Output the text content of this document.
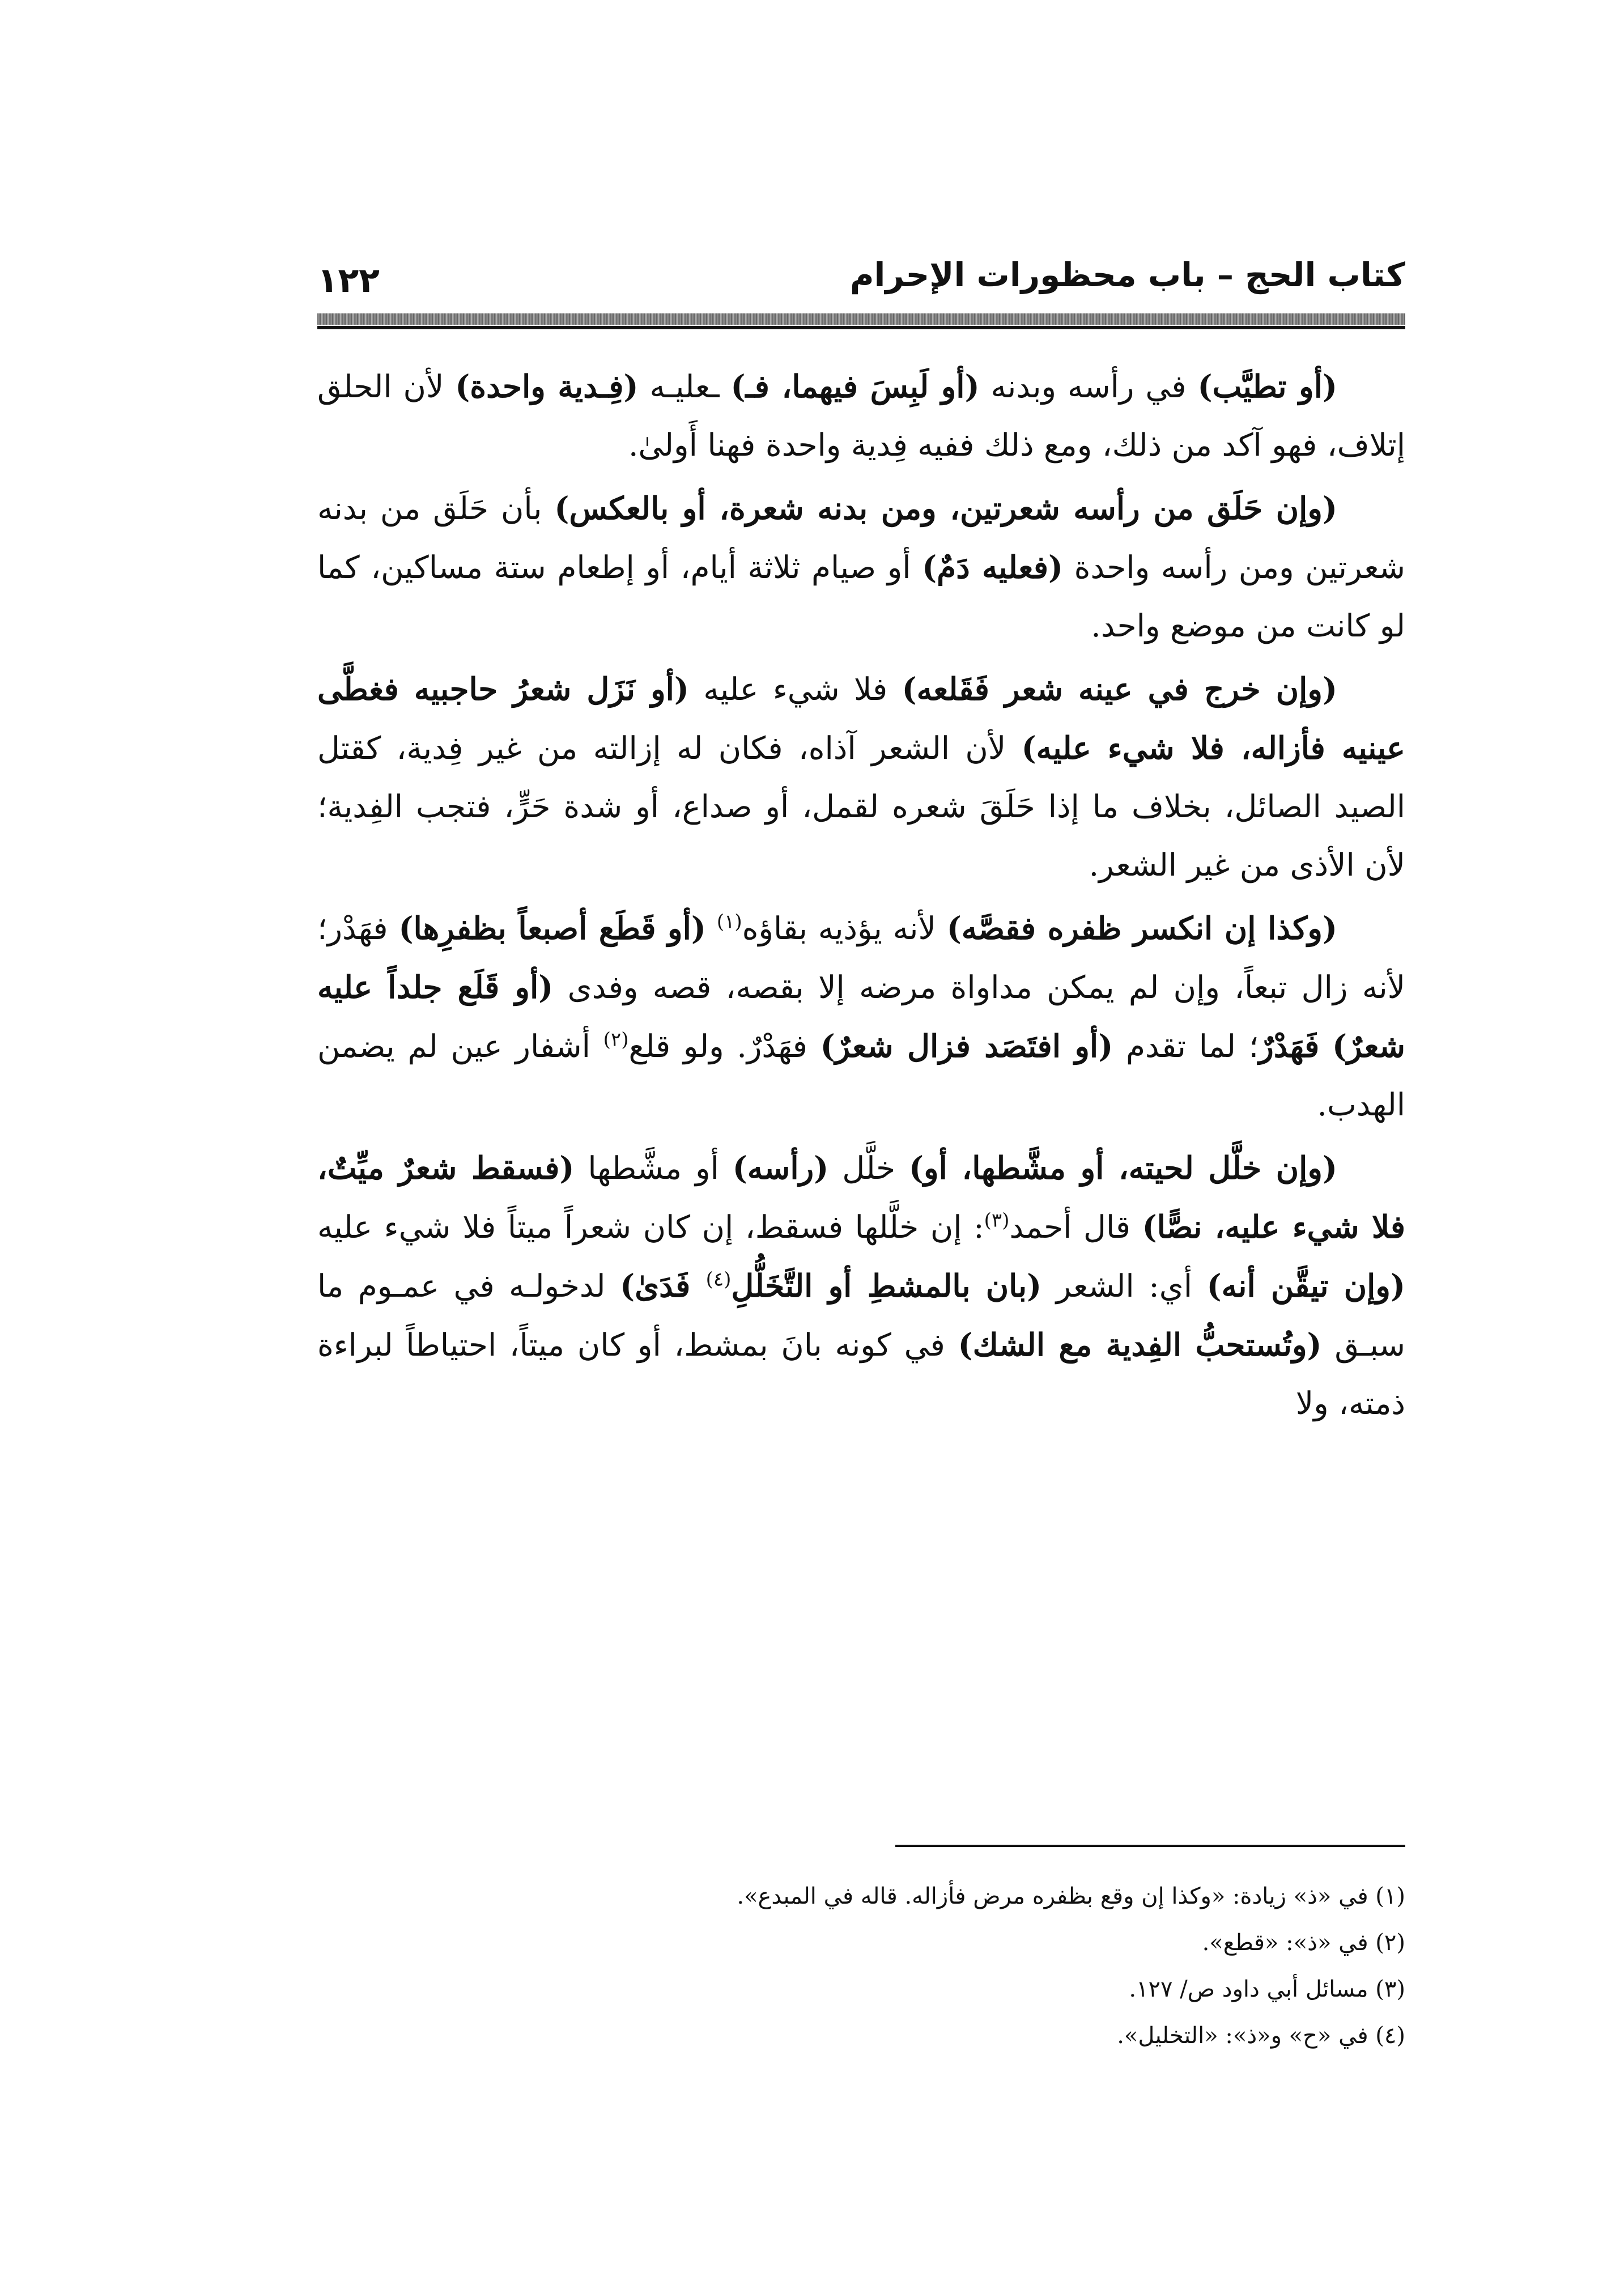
كتاب الحج – باب محظورات الإحرام
١٢٢

(أو تطيَّب) في رأسه وبدنه (أو لَبِسَ فيهما، فـ) ـعليـه (فِـدية واحدة) لأن الحلق إتلاف، فهو آكد من ذلك، ومع ذلك ففيه فِدية واحدة فهنا أَولىٰ.

(وإن حَلَق من رأسه شعرتين، ومن بدنه شعرة، أو بالعكس) بأن حَلَق من بدنه شعرتين ومن رأسه واحدة (فعليه دَمٌ) أو صيام ثلاثة أيام، أو إطعام ستة مساكين، كما لو كانت من موضع واحد.

(وإن خرج في عينه شعر فَقَلعه) فلا شيء عليه (أو نَزَل شعرُ حاجبيه فغطَّى عينيه فأزاله، فلا شيء عليه) لأن الشعر آذاه، فكان له إزالته من غير فِدية، كقتل الصيد الصائل، بخلاف ما إذا حَلَقَ شعره لقمل، أو صداع، أو شدة حَرٍّ، فتجب الفِدية؛ لأن الأذى من غير الشعر.

(وكذا إن انكسر ظفره فقصَّه) لأنه يؤذيه بقاؤه$^{(١)}$ (أو قَطَع أصبعاً بظفرِها) فهَدْر؛ لأنه زال تبعاً، وإن لم يمكن مداواة مرضه إلا بقصه، قصه وفدى (أو قَلَع جلداً عليه شعرٌ) فَهَدْرٌ؛ لما تقدم (أو افتَصَد فزال شعرٌ) فهَدْرٌ. ولو قلع$^{(٢)}$ أشفار عين لم يضمن الهدب.

(وإن خلَّل لحيته، أو مشَّطها، أو) خلَّل (رأسه) أو مشَّطها (فسقط شعرٌ ميِّتٌ، فلا شيء عليه، نصًّا) قال أحمد$^{(٣)}$: إن خلَّلها فسقط، إن كان شعراً ميتاً فلا شيء عليه (وإن تيقَّن أنه) أي: الشعر (بان بالمشطِ أو التَّخَلُّلِ$^{(٤)}$ فَدَىٰ) لدخولـه في عمـوم ما سبـق (وتُستحبُّ الفِدية مع الشك) في كونه بانَ بمشط، أو كان ميتاً، احتياطاً لبراءة ذمته، ولا

(١) في «ذ» زيادة: «وكذا إن وقع بظفره مرض فأزاله. قاله في المبدع».
(٢) في «ذ»: «قطع».
(٣) مسائل أبي داود ص/ ١٢٧.
(٤) في «ح» و«ذ»: «التخليل».
